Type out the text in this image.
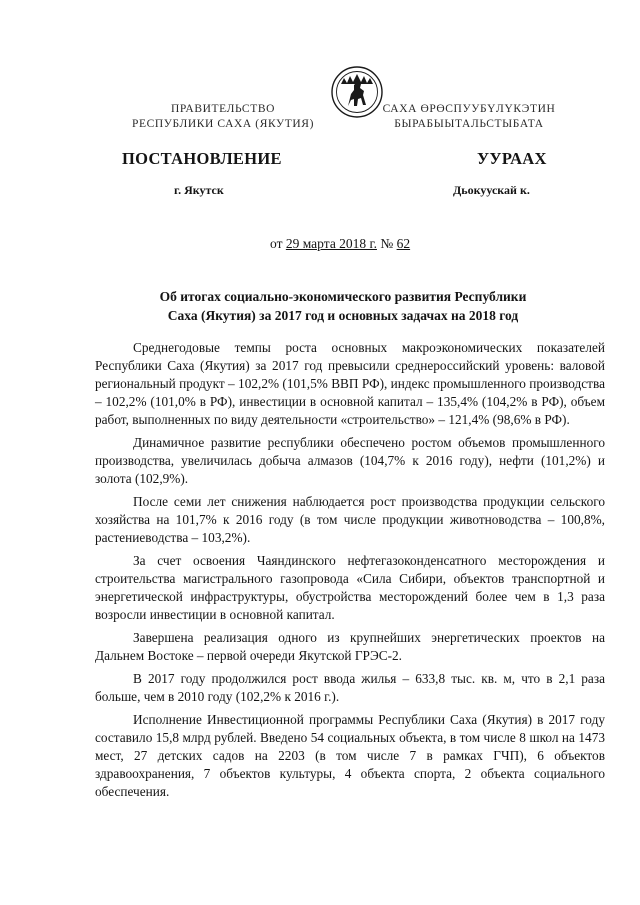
ПРАВИТЕЛЬСТВО
РЕСПУБЛИКИ САХА (ЯКУТИЯ)
САХА ӨРӨСПУУБҮЛҮКЭТИН
БЫРАБЫЫТАЛЬСТЫБАТА
ПОСТАНОВЛЕНИЕ	УУРААХ
г. Якутск	Дьокуускай к.
от 29 марта 2018 г. № 62
Об итогах социально-экономического развития Республики
Саха (Якутия) за 2017 год и основных задачах на 2018 год

Среднегодовые темпы роста основных макроэкономических показателей Республики Саха (Якутия) за 2017 год превысили среднероссийский уровень: валовой региональный продукт – 102,2% (101,5% ВВП РФ), индекс промышленного производства – 102,2% (101,0% в РФ), инвестиции в основной капитал – 135,4% (104,2% в РФ), объем работ, выполненных по виду деятельности «строительство» – 121,4% (98,6% в РФ).

Динамичное развитие республики обеспечено ростом объемов промышленного производства, увеличилась добыча алмазов (104,7% к 2016 году), нефти (101,2%) и золота (102,9%).

После семи лет снижения наблюдается рост производства продукции сельского хозяйства на 101,7% к 2016 году (в том числе продукции животноводства – 100,8%, растениеводства – 103,2%).

За счет освоения Чаяндинского нефтегазоконденсатного месторождения и строительства магистрального газопровода «Сила Сибири, объектов транспортной и энергетической инфраструктуры, обустройства месторождений более чем в 1,3 раза возросли инвестиции в основной капитал.

Завершена реализация одного из крупнейших энергетических проектов на Дальнем Востоке – первой очереди Якутской ГРЭС-2.

В 2017 году продолжился рост ввода жилья – 633,8 тыс. кв. м, что в 2,1 раза больше, чем в 2010 году (102,2% к 2016 г.).

Исполнение Инвестиционной программы Республики Саха (Якутия) в 2017 году составило 15,8 млрд рублей. Введено 54 социальных объекта, в том числе 8 школ на 1473 мест, 27 детских садов на 2203 (в том числе 7 в рамках ГЧП), 6 объектов здравоохранения, 7 объектов культуры, 4 объекта спорта, 2 объекта социального обеспечения.
